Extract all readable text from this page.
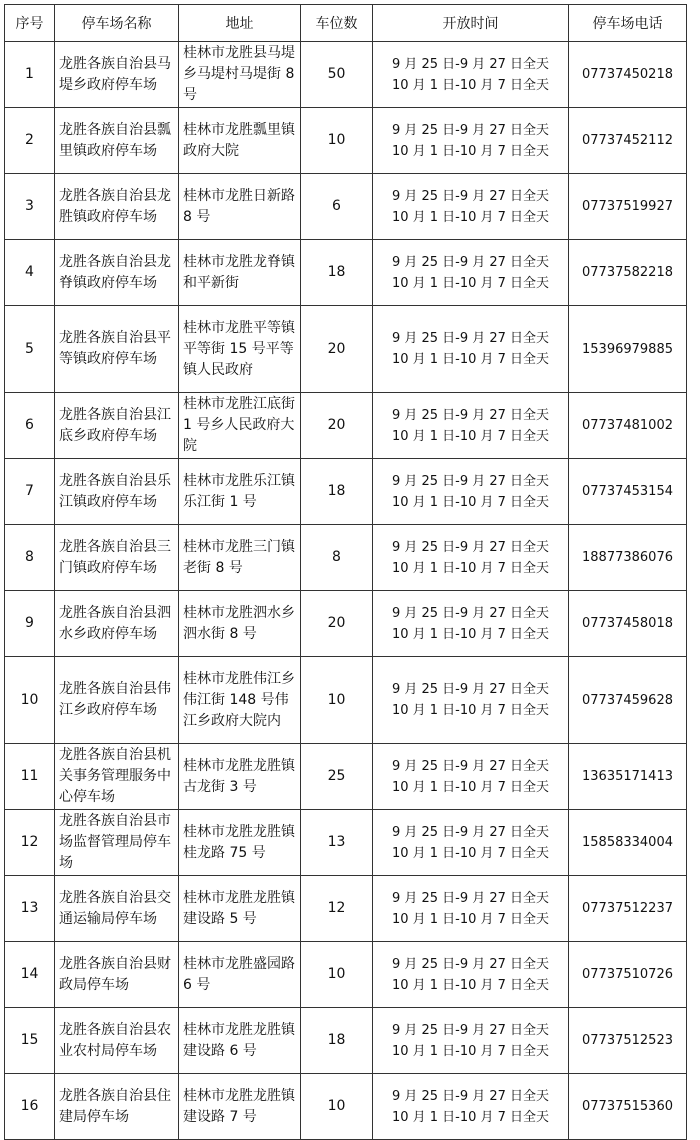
序号	停车场名称	地址	车位数	开放时间	停车场电话
1	龙胜各族自治县马堤乡政府停车场	桂林市龙胜县马堤乡马堤村马堤街 8 号	50	9 月 25 日-9 月 27 日全天
10 月 1 日-10 月 7 日全天	07737450218
2	龙胜各族自治县瓢里镇政府停车场	桂林市龙胜瓢里镇政府大院	10	9 月 25 日-9 月 27 日全天
10 月 1 日-10 月 7 日全天	07737452112
3	龙胜各族自治县龙胜镇政府停车场	桂林市龙胜日新路 8 号	6	9 月 25 日-9 月 27 日全天
10 月 1 日-10 月 7 日全天	07737519927
4	龙胜各族自治县龙脊镇政府停车场	桂林市龙胜龙脊镇和平新街	18	9 月 25 日-9 月 27 日全天
10 月 1 日-10 月 7 日全天	07737582218
5	龙胜各族自治县平等镇政府停车场	桂林市龙胜平等镇平等街 15 号平等镇人民政府	20	9 月 25 日-9 月 27 日全天
10 月 1 日-10 月 7 日全天	15396979885
6	龙胜各族自治县江底乡政府停车场	桂林市龙胜江底街 1 号乡人民政府大院	20	9 月 25 日-9 月 27 日全天
10 月 1 日-10 月 7 日全天	07737481002
7	龙胜各族自治县乐江镇政府停车场	桂林市龙胜乐江镇乐江街 1 号	18	9 月 25 日-9 月 27 日全天
10 月 1 日-10 月 7 日全天	07737453154
8	龙胜各族自治县三门镇政府停车场	桂林市龙胜三门镇老街 8 号	8	9 月 25 日-9 月 27 日全天
10 月 1 日-10 月 7 日全天	18877386076
9	龙胜各族自治县泗水乡政府停车场	桂林市龙胜泗水乡泗水街 8 号	20	9 月 25 日-9 月 27 日全天
10 月 1 日-10 月 7 日全天	07737458018
10	龙胜各族自治县伟江乡政府停车场	桂林市龙胜伟江乡伟江街 148 号伟江乡政府大院内	10	9 月 25 日-9 月 27 日全天
10 月 1 日-10 月 7 日全天	07737459628
11	龙胜各族自治县机关事务管理服务中心停车场	桂林市龙胜龙胜镇古龙街 3 号	25	9 月 25 日-9 月 27 日全天
10 月 1 日-10 月 7 日全天	13635171413
12	龙胜各族自治县市场监督管理局停车场	桂林市龙胜龙胜镇桂龙路 75 号	13	9 月 25 日-9 月 27 日全天
10 月 1 日-10 月 7 日全天	15858334004
13	龙胜各族自治县交通运输局停车场	桂林市龙胜龙胜镇建设路 5 号	12	9 月 25 日-9 月 27 日全天
10 月 1 日-10 月 7 日全天	07737512237
14	龙胜各族自治县财政局停车场	桂林市龙胜盛园路 6 号	10	9 月 25 日-9 月 27 日全天
10 月 1 日-10 月 7 日全天	07737510726
15	龙胜各族自治县农业农村局停车场	桂林市龙胜龙胜镇建设路 6 号	18	9 月 25 日-9 月 27 日全天
10 月 1 日-10 月 7 日全天	07737512523
16	龙胜各族自治县住建局停车场	桂林市龙胜龙胜镇建设路 7 号	10	9 月 25 日-9 月 27 日全天
10 月 1 日-10 月 7 日全天	07737515360
